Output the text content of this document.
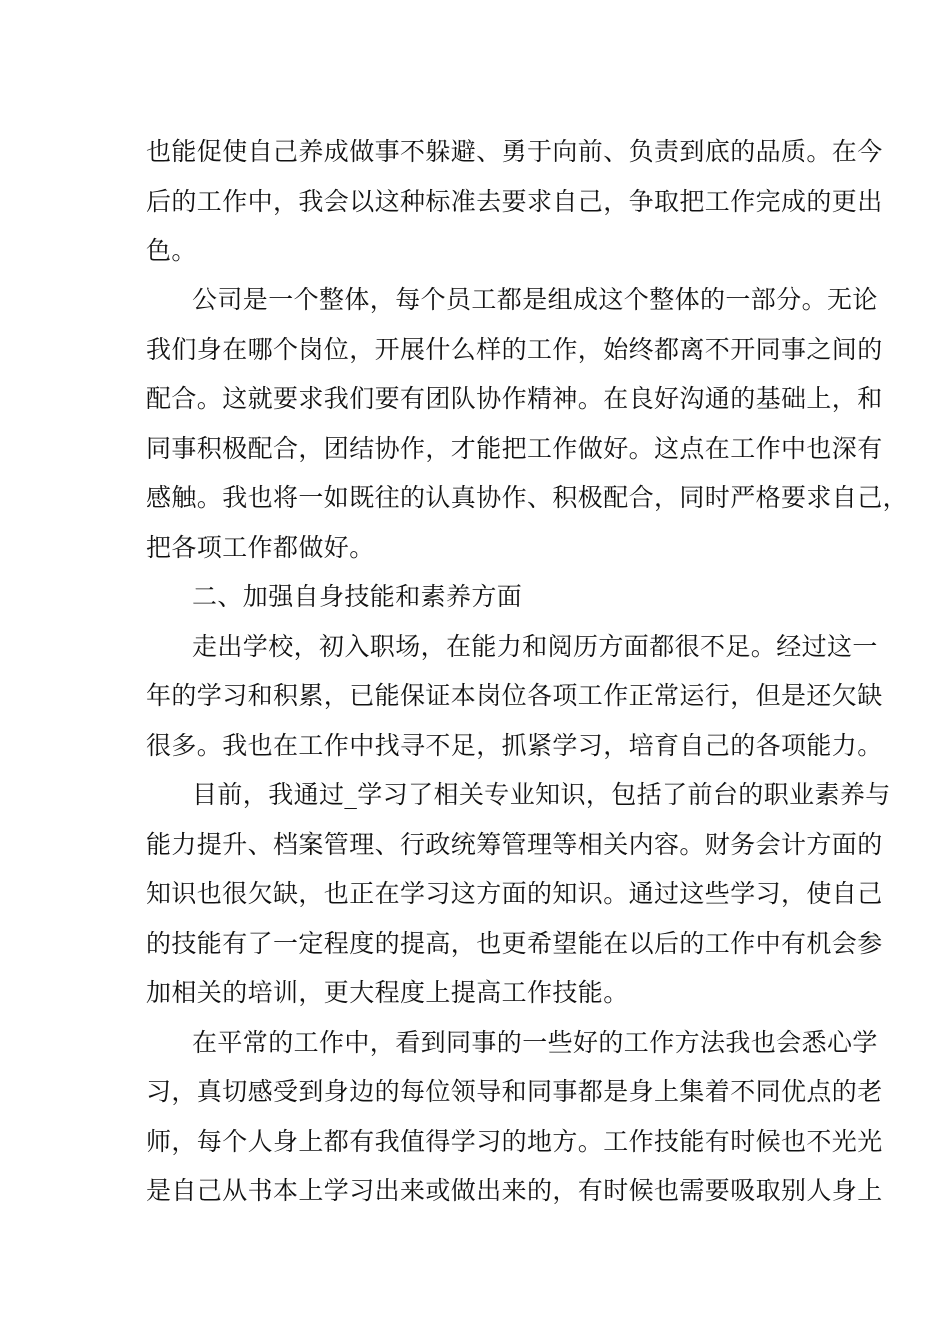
也能促使自己养成做事不躲避、勇于向前、负责到底的品质。在今
后的工作中，我会以这种标准去要求自己，争取把工作完成的更出
色。
公司是一个整体，每个员工都是组成这个整体的一部分。无论
我们身在哪个岗位，开展什么样的工作，始终都离不开同事之间的
配合。这就要求我们要有团队协作精神。在良好沟通的基础上，和
同事积极配合，团结协作，才能把工作做好。这点在工作中也深有
感触。我也将一如既往的认真协作、积极配合，同时严格要求自己，
把各项工作都做好。
二、加强自身技能和素养方面
走出学校，初入职场，在能力和阅历方面都很不足。经过这一
年的学习和积累，已能保证本岗位各项工作正常运行，但是还欠缺
很多。我也在工作中找寻不足，抓紧学习，培育自己的各项能力。
目前，我通过_学习了相关专业知识，包括了前台的职业素养与
能力提升、档案管理、行政统筹管理等相关内容。财务会计方面的
知识也很欠缺，也正在学习这方面的知识。通过这些学习，使自己
的技能有了一定程度的提高，也更希望能在以后的工作中有机会参
加相关的培训，更大程度上提高工作技能。
在平常的工作中，看到同事的一些好的工作方法我也会悉心学
习，真切感受到身边的每位领导和同事都是身上集着不同优点的老
师，每个人身上都有我值得学习的地方。工作技能有时候也不光光
是自己从书本上学习出来或做出来的，有时候也需要吸取别人身上
